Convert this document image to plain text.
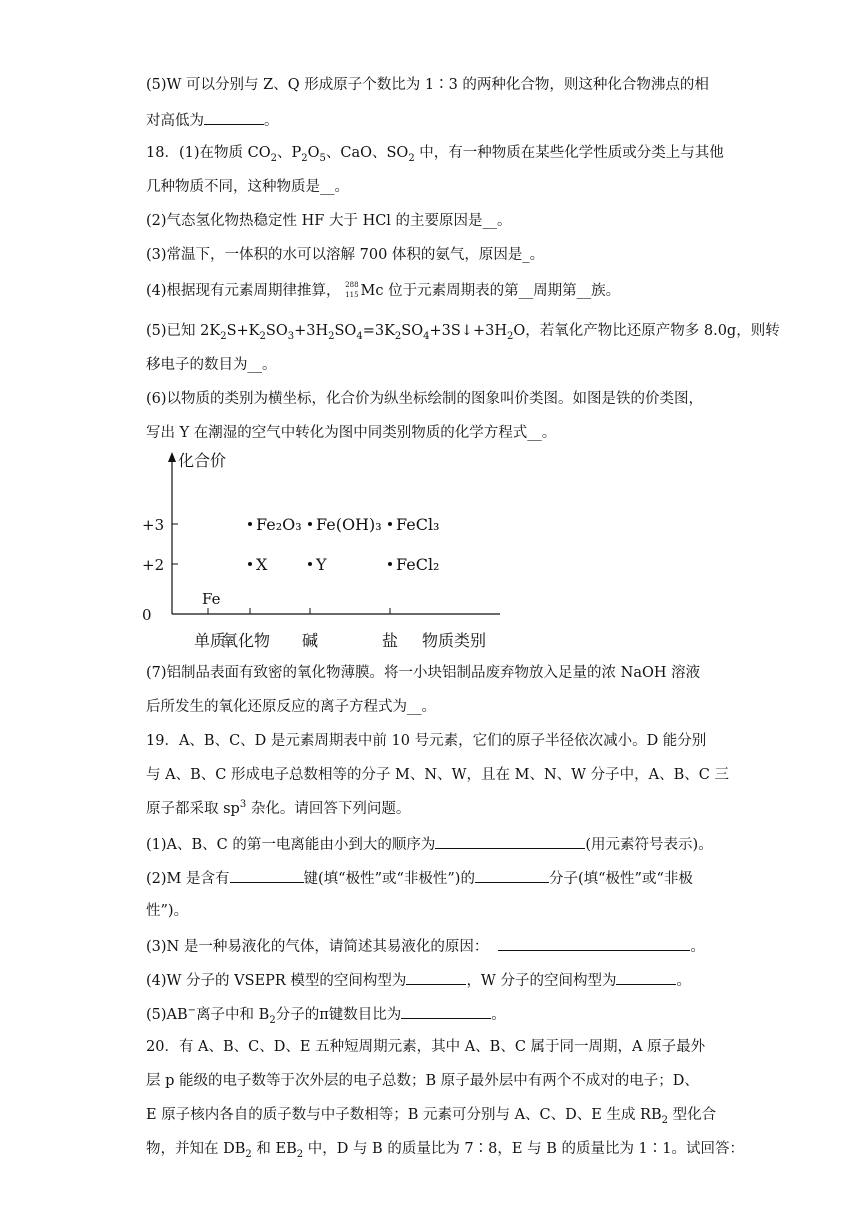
(5)W 可以分别与 Z、Q 形成原子个数比为 1∶3 的两种化合物，则这种化合物沸点的相
对高低为	。
18．(1)在物质 $CO_2$、$P_2O_5$、CaO、$SO_2$ 中，有一种物质在某些化学性质或分类上与其他
几种物质不同，这种物质是__。
(2)气态氢化物热稳定性 HF 大于 HCl 的主要原因是__。
(3)常温下，一体积的水可以溶解 700 体积的氨气，原因是_。
(4)根据现有元素周期律推算， 288
115 Mc 位于元素周期表的第__周期第__族。
(5)已知 $2K_2S+K_2SO_3+3H_2SO_4=3K_2SO_4+3S↓+3H_2O$，若氧化产物比还原产物多 8.0g，则转
移电子的数目为__。
(6)以物质的类别为横坐标，化合价为纵坐标绘制的图象叫价类图。如图是铁的价类图，
写出 Y 在潮湿的空气中转化为图中同类别物质的化学方程式__。
化合价
0
+2
+3
单质
氧化物 碱	盐 物质类别
Fe
Fe₂O₃ Fe(OH)₃ FeCl₃
X	Y	FeCl₂
(7)铝制品表面有致密的氧化物薄膜。将一小块铝制品废弃物放入足量的浓 NaOH 溶液
后所发生的氧化还原反应的离子方程式为__。
19．A、B、C、D 是元素周期表中前 10 号元素，它们的原子半径依次减小。D 能分别
与 A、B、C 形成电子总数相等的分子 M、N、W，且在 M、N、W 分子中，A、B、C 三
原子都采取 $sp^3$ 杂化。请回答下列问题。
(1)A、B、C 的第一电离能由小到大的顺序为	(用元素符号表示)。
(2)M 是含有	键(填“极性”或“非极性”)的	分子(填“极性”或“非极
性”)。
(3)N 是一种易液化的气体，请简述其易液化的原因：	。
(4)W 分子的 VSEPR 模型的空间构型为	，W 分子的空间构型为	。
(5)AB−离子中和 $B_2$分子的π键数目比为	。
20．有 A、B、C、D、E 五种短周期元素，其中 A、B、C 属于同一周期，A 原子最外
层 p 能级的电子数等于次外层的电子总数；B 原子最外层中有两个不成对的电子；D、
E 原子核内各自的质子数与中子数相等；B 元素可分别与 A、C、D、E 生成 $RB_2$ 型化合
物，并知在 $DB_2$ 和 $EB_2$ 中，D 与 B 的质量比为 7∶8，E 与 B 的质量比为 1∶1。试回答：
